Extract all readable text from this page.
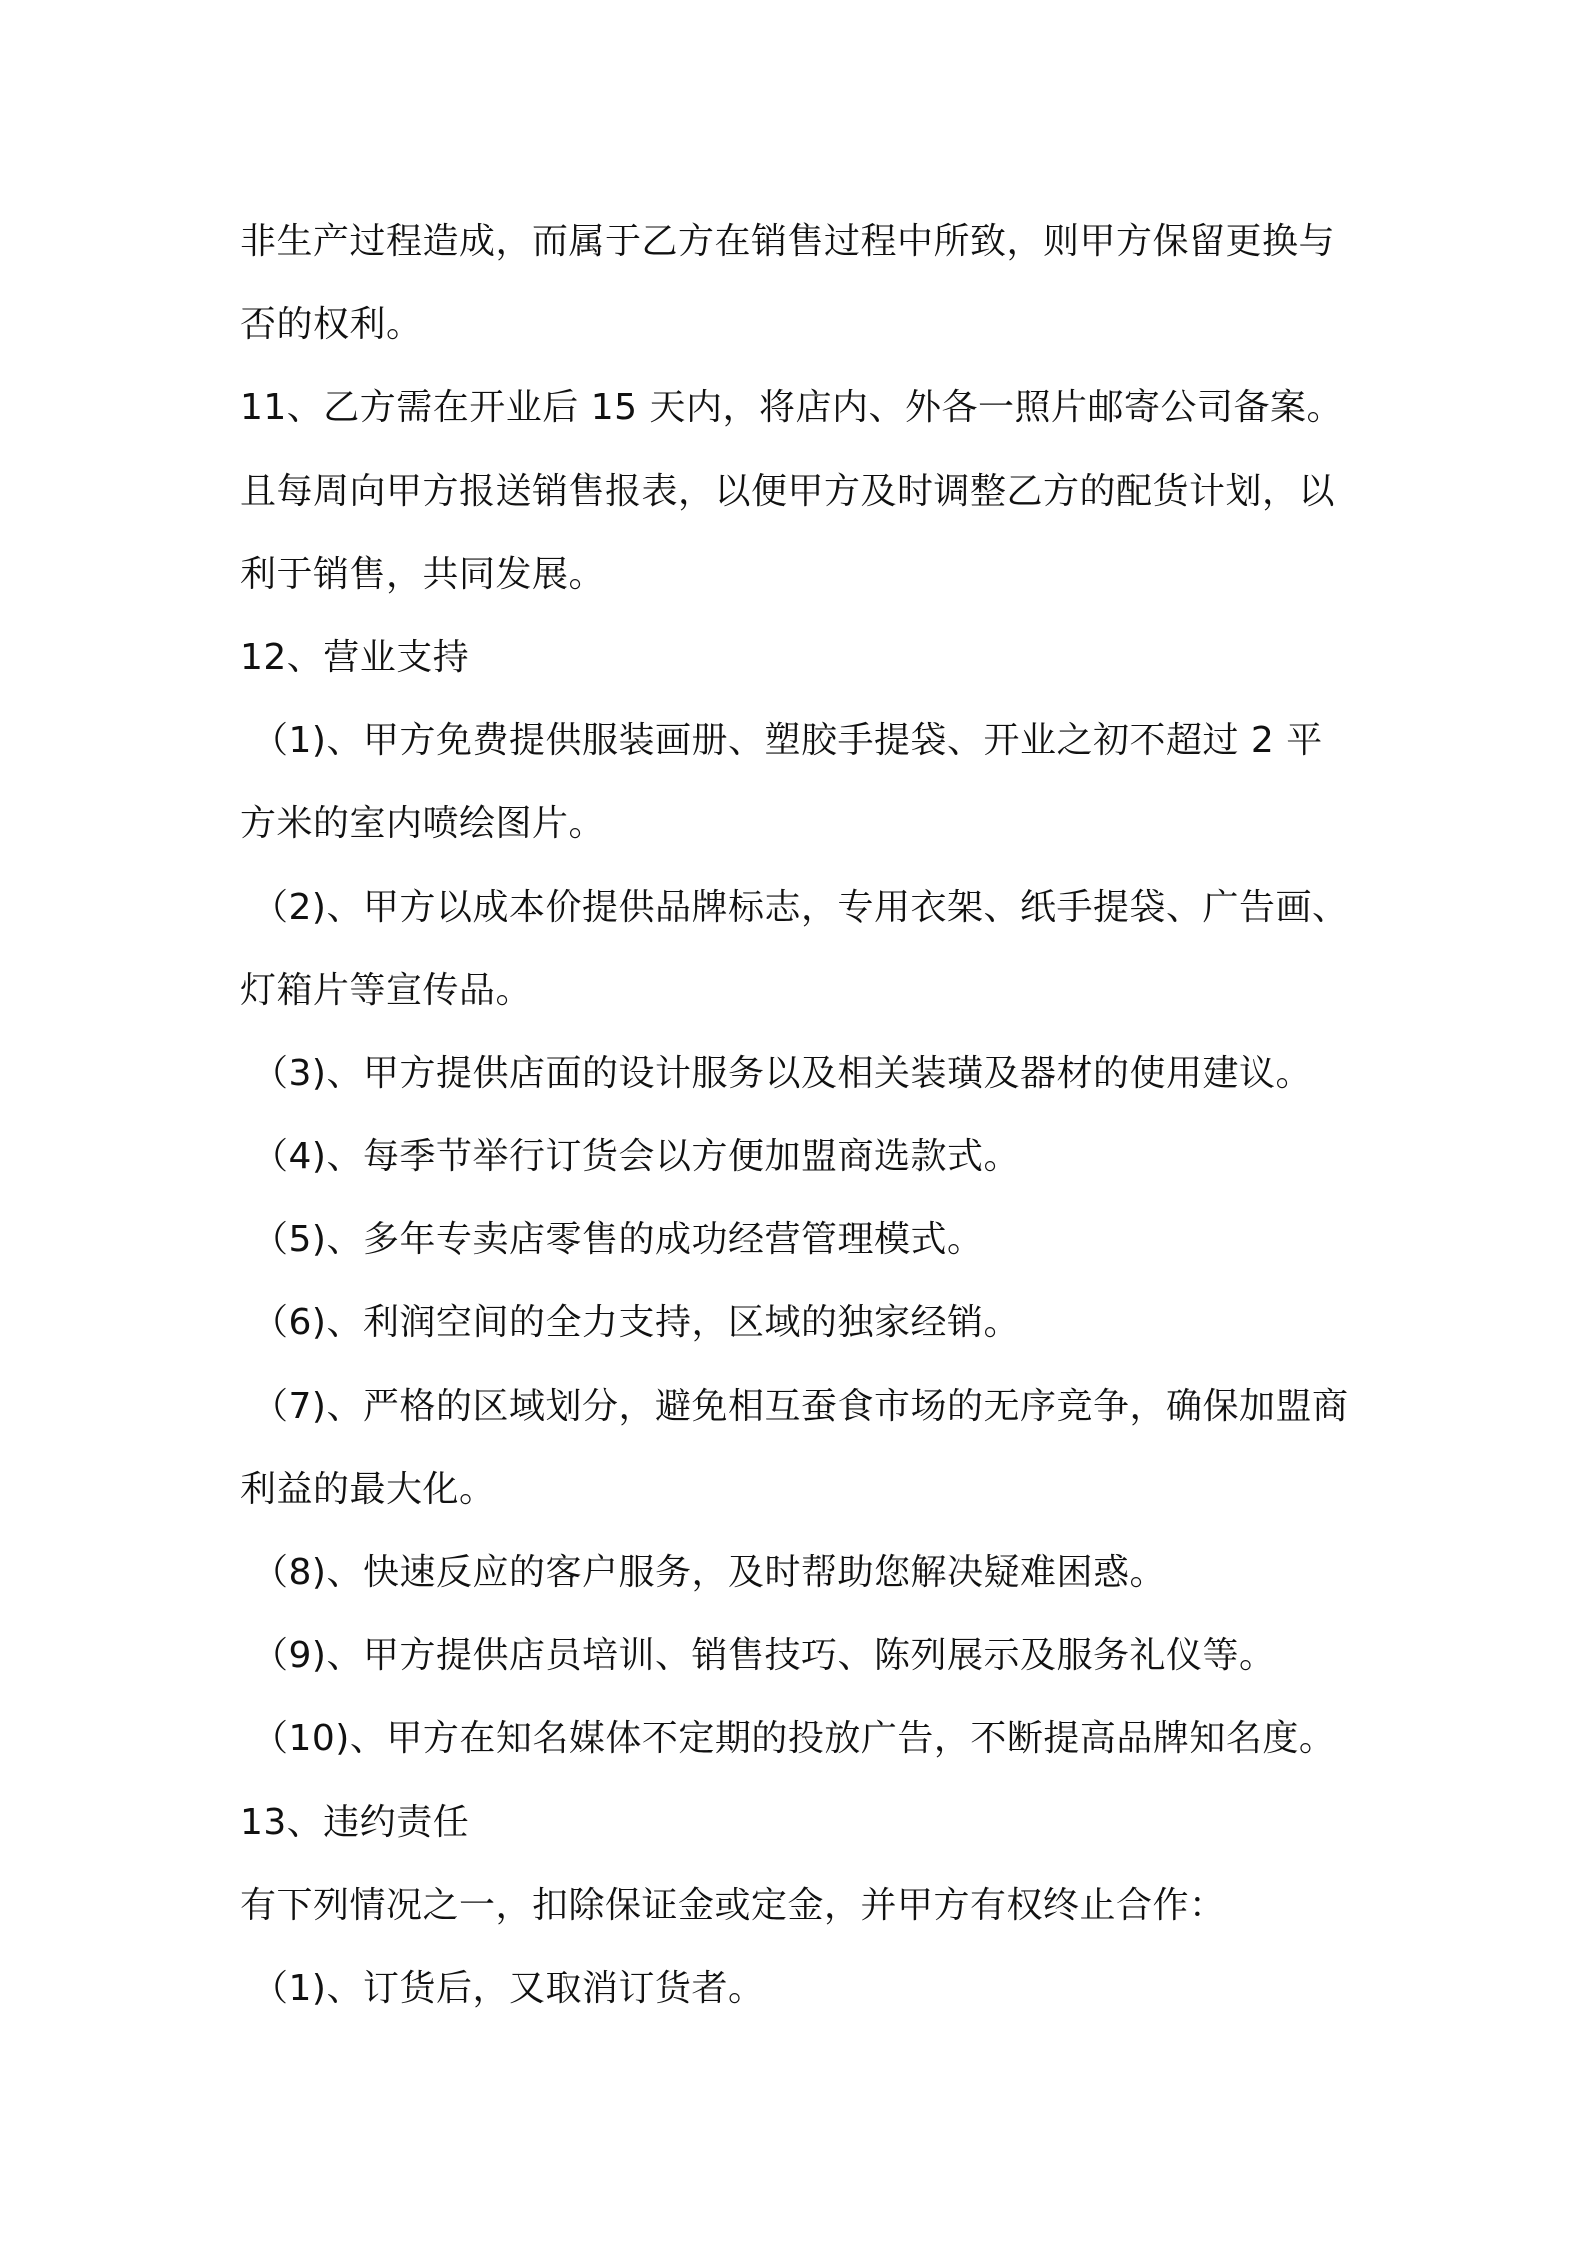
非生产过程造成，而属于乙方在销售过程中所致，则甲方保留更换与
否的权利。
11、乙方需在开业后 15 天内，将店内、外各一照片邮寄公司备案。
且每周向甲方报送销售报表，以便甲方及时调整乙方的配货计划，以
利于销售，共同发展。
12、营业支持
（1)、甲方免费提供服装画册、塑胶手提袋、开业之初不超过 2 平
方米的室内喷绘图片。
（2)、甲方以成本价提供品牌标志，专用衣架、纸手提袋、广告画、
灯箱片等宣传品。
（3)、甲方提供店面的设计服务以及相关装璜及器材的使用建议。
（4)、每季节举行订货会以方便加盟商选款式。
（5)、多年专卖店零售的成功经营管理模式。
（6)、利润空间的全力支持，区域的独家经销。
（7)、严格的区域划分，避免相互蚕食市场的无序竞争，确保加盟商
利益的最大化。
（8)、快速反应的客户服务，及时帮助您解决疑难困惑。
（9)、甲方提供店员培训、销售技巧、陈列展示及服务礼仪等。
（10)、甲方在知名媒体不定期的投放广告，不断提高品牌知名度。
13、违约责任
有下列情况之一，扣除保证金或定金，并甲方有权终止合作：
（1)、订货后，又取消订货者。
